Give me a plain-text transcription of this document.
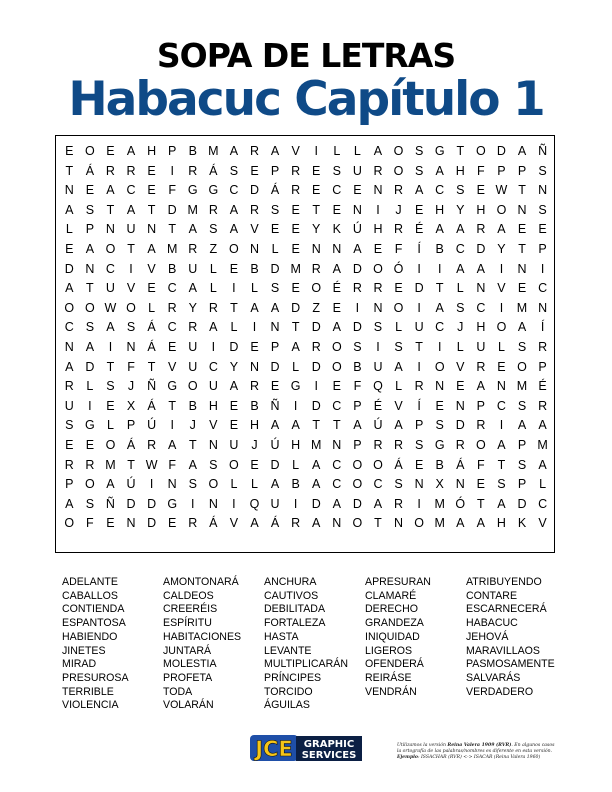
SOPA DE LETRAS
Habacuc Capítulo 1
E O E A H P B M A R A V	I	L	L	A O S G T O D A Ñ
T	Á R R E	I	R Á S E P R E S U R O S A H F	P P S
N E A C E	F G G C D Á R E C E N R A C S E W T N
A S	T	A	T D M R A R S E	T	E N	I	J	E H Y H O N S
L	P N U N T	A S A V E E Y K Ú H R É A A R A E E
E A O T	A M R Z O N	L	E N N A E	F	Í	B C D Y	T	P
D N C	I	V B U	L	E B D M R A D O Ó	I	I	A A	I	N	I
A	T U V E C A	L	I	L	S E O É R R E D T	L	N V E C
O O W O L	R Y R T	A A D Z	E	I	N O	I	A S C	I	M N
C S A S Á C R A	L	I	N T D A D S	L	U C	J	H O A	Í
N A	I	N Á E U	I	D E P A R O S	I	S	T	I	L	U	L	S R
A D T	F	T	V U C Y N D	L	D O B U A	I	O V R E O P
R	L	S	J	Ñ G O U A R E G	I	E	F Q L	R N E A N M É
U	I	E X Á	T	B H E B Ñ	I	D C P É V	Í	E N P C S R
S G L	P Ú	I	J	V E H A A	T	T	A Ú A P S D R	I	A A
E E O Á R A	T N U	J	Ú H M N P R R S G R O A P M
R R M T W F	A S O E D	L	A C O O Á E B Á	F	T	S A
P O A Ú	I	N S O L	L	A B A C O C S N X N E S P	L
A S Ñ D D G	I	N	I	Q U	I	D A D A R	I	M Ó T	A D C
O F	E N D E R Á V A Á R A N O T N O M A A H K V
ADELANTE
CABALLOS
CONTIENDA
ESPANTOSA
HABIENDO
JINETES
MIRAD
PRESUROSA
TERRIBLE
VIOLENCIA
AMONTONARÁ
CALDEOS
CREERÉIS
ESPÍRITU
HABITACIONES
JUNTARÁ
MOLESTIA
PROFETA
TODA
VOLARÁN
ANCHURA
CAUTIVOS
DEBILITADA
FORTALEZA
HASTA
LEVANTE
MULTIPLICARÁN
PRÍNCIPES
TORCIDO
ÁGUILAS
APRESURAN
CLAMARÉ
DERECHO
GRANDEZA
INIQUIDAD
LIGEROS
OFENDERÁ
REIRÁSE
VENDRÁN
ATRIBUYENDO
CONTARE
ESCARNECERÁ
HABACUC
JEHOVÁ
MARAVILLAOS
PASMOSAMENTE
SALVARÁS
VERDADERO
JCE GRAPHIC
SERVICES
Utilizamos la versión Reina Valera 1909 (RVR). En algunos casos la ortografía de las palabras/nombres es diferente en esta versión. Ejemplo: ISSACHAR (RVR) <-> ISACAR (Reina Valera 1960)
